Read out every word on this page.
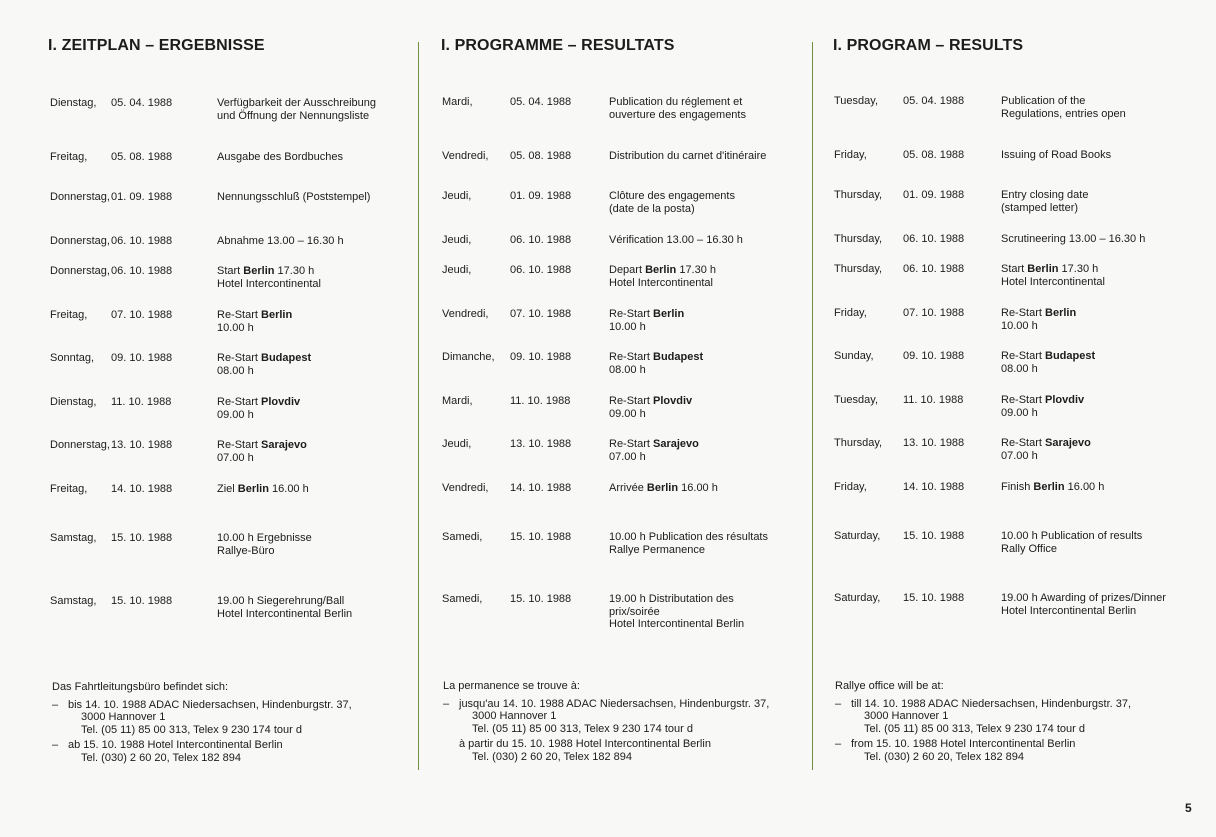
I. ZEITPLAN – ERGEBNISSE
Dienstag, 05. 04. 1988	Verfügbarkeit der Ausschreibung
und Öffnung der Nennungsliste
Freitag, 05. 08. 1988	Ausgabe des Bordbuches
Donnerstag, 01. 09. 1988	Nennungsschluß (Poststempel)
Donnerstag, 06. 10. 1988	Abnahme 13.00 – 16.30 h
Donnerstag, 06. 10. 1988	Start Berlin 17.30 h
Hotel Intercontinental
Freitag, 07. 10. 1988	Re-Start Berlin
10.00 h
Sonntag, 09. 10. 1988	Re-Start Budapest
08.00 h
Dienstag, 11. 10. 1988	Re-Start Plovdiv
09.00 h
Donnerstag, 13. 10. 1988	Re-Start Sarajevo
07.00 h
Freitag, 14. 10. 1988	Ziel Berlin 16.00 h
Samstag, 15. 10. 1988	10.00 h Ergebnisse
Rallye-Büro
Samstag, 15. 10. 1988	19.00 h Siegerehrung/Ball
Hotel Intercontinental Berlin
Das Fahrtleitungsbüro befindet sich:
– bis 14. 10. 1988 ADAC Niedersachsen, Hindenburgstr. 37,
3000 Hannover 1
Tel. (05 11) 85 00 313, Telex 9 230 174 tour d
– ab 15. 10. 1988 Hotel Intercontinental Berlin
Tel. (030) 2 60 20, Telex 182 894
I. PROGRAMME – RESULTATS
Mardi,	05. 04. 1988	Publication du réglement et
ouverture des engagements
Vendredi, 05. 08. 1988	Distribution du carnet d'itinéraire
Jeudi,	01. 09. 1988	Clôture des engagements
(date de la posta)
Jeudi,	06. 10. 1988	Vérification 13.00 – 16.30 h
Jeudi,	06. 10. 1988	Depart Berlin 17.30 h
Hotel Intercontinental
Vendredi, 07. 10. 1988	Re-Start Berlin
10.00 h
Dimanche, 09. 10. 1988	Re-Start Budapest
08.00 h
Mardi,	11. 10. 1988	Re-Start Plovdiv
09.00 h
Jeudi,	13. 10. 1988	Re-Start Sarajevo
07.00 h
Vendredi, 14. 10. 1988	Arrivée Berlin 16.00 h
Samedi,	15. 10. 1988	10.00 h Publication des résultats
Rallye Permanence
Samedi,	15. 10. 1988	19.00 h Distributation des
prix/soirée
Hotel Intercontinental Berlin
La permanence se trouve à:
– jusqu'au 14. 10. 1988 ADAC Niedersachsen, Hindenburgstr. 37,
3000 Hannover 1
Tel. (05 11) 85 00 313, Telex 9 230 174 tour d
à partir du 15. 10. 1988 Hotel Intercontinental Berlin
Tel. (030) 2 60 20, Telex 182 894
I. PROGRAM – RESULTS
Tuesday, 05. 04. 1988	Publication of the
Regulations, entries open
Friday,	05. 08. 1988	Issuing of Road Books
Thursday, 01. 09. 1988	Entry closing date
(stamped letter)
Thursday, 06. 10. 1988	Scrutineering 13.00 – 16.30 h
Thursday, 06. 10. 1988	Start Berlin 17.30 h
Hotel Intercontinental
Friday,	07. 10. 1988	Re-Start Berlin
10.00 h
Sunday,	09. 10. 1988	Re-Start Budapest
08.00 h
Tuesday, 11. 10. 1988	Re-Start Plovdiv
09.00 h
Thursday, 13. 10. 1988	Re-Start Sarajevo
07.00 h
Friday,	14. 10. 1988	Finish Berlin 16.00 h
Saturday, 15. 10. 1988	10.00 h Publication of results
Rally Office
Saturday, 15. 10. 1988	19.00 h Awarding of prizes/Dinner
Hotel Intercontinental Berlin
Rallye office will be at:
– till 14. 10. 1988 ADAC Niedersachsen, Hindenburgstr. 37,
3000 Hannover 1
Tel. (05 11) 85 00 313, Telex 9 230 174 tour d
– from 15. 10. 1988 Hotel Intercontinental Berlin
Tel. (030) 2 60 20, Telex 182 894
5
